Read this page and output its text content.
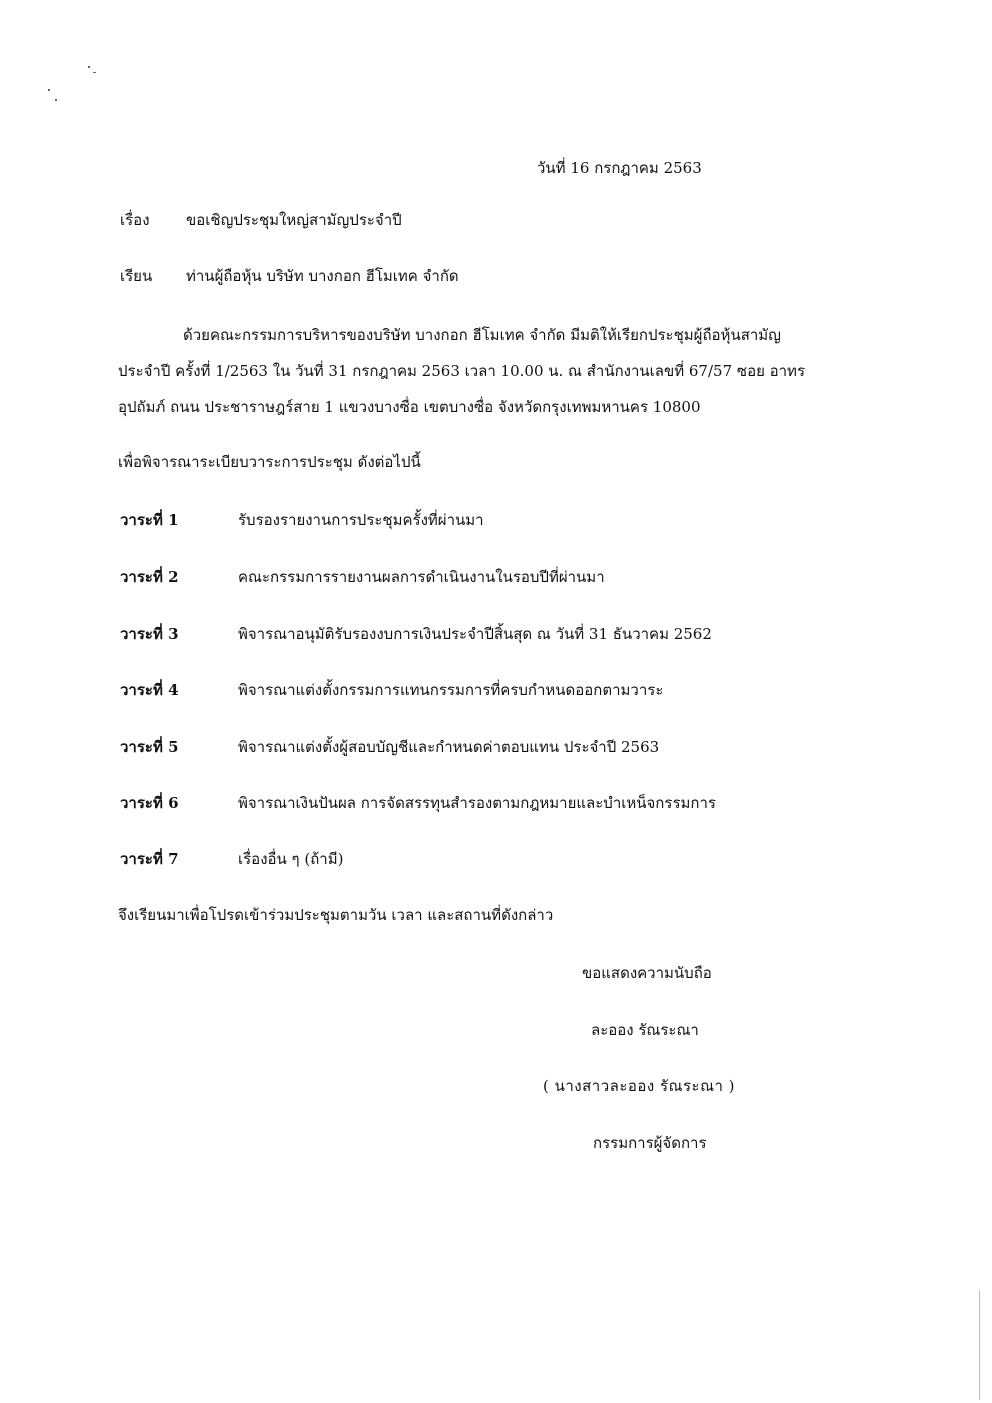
วันที่ 16 กรกฎาคม 2563
เรื่อง ขอเชิญประชุมใหญ่สามัญประจำปี
เรียน ท่านผู้ถือหุ้น บริษัท บางกอก ฮีโมเทค จำกัด
ด้วยคณะกรรมการบริหารของบริษัท บางกอก ฮีโมเทค จำกัด มีมติให้เรียกประชุมผู้ถือหุ้นสามัญ
ประจำปี ครั้งที่ 1/2563 ใน วันที่ 31 กรกฎาคม 2563 เวลา 10.00 น. ณ สำนักงานเลขที่ 67/57 ซอย อาทร
อุปถัมภ์ ถนน ประชาราษฎร์สาย 1 แขวงบางซื่อ เขตบางซื่อ จังหวัดกรุงเทพมหานคร 10800
เพื่อพิจารณาระเบียบวาระการประชุม ดังต่อไปนี้
วาระที่ 1	รับรองรายงานการประชุมครั้งที่ผ่านมา
วาระที่ 2	คณะกรรมการรายงานผลการดำเนินงานในรอบปีที่ผ่านมา
วาระที่ 3	พิจารณาอนุมัติรับรองงบการเงินประจำปีสิ้นสุด ณ วันที่ 31 ธันวาคม 2562
วาระที่ 4	พิจารณาแต่งตั้งกรรมการแทนกรรมการที่ครบกำหนดออกตามวาระ
วาระที่ 5	พิจารณาแต่งตั้งผู้สอบบัญชีและกำหนดค่าตอบแทน ประจำปี 2563
วาระที่ 6	พิจารณาเงินปันผล การจัดสรรทุนสำรองตามกฎหมายและบำเหน็จกรรมการ
วาระที่ 7	เรื่องอื่น ๆ (ถ้ามี)
จึงเรียนมาเพื่อโปรดเข้าร่วมประชุมตามวัน เวลา และสถานที่ดังกล่าว
ขอแสดงความนับถือ
ละออง รัณระณา
( นางสาวละออง รัณระณา )
กรรมการผู้จัดการ
